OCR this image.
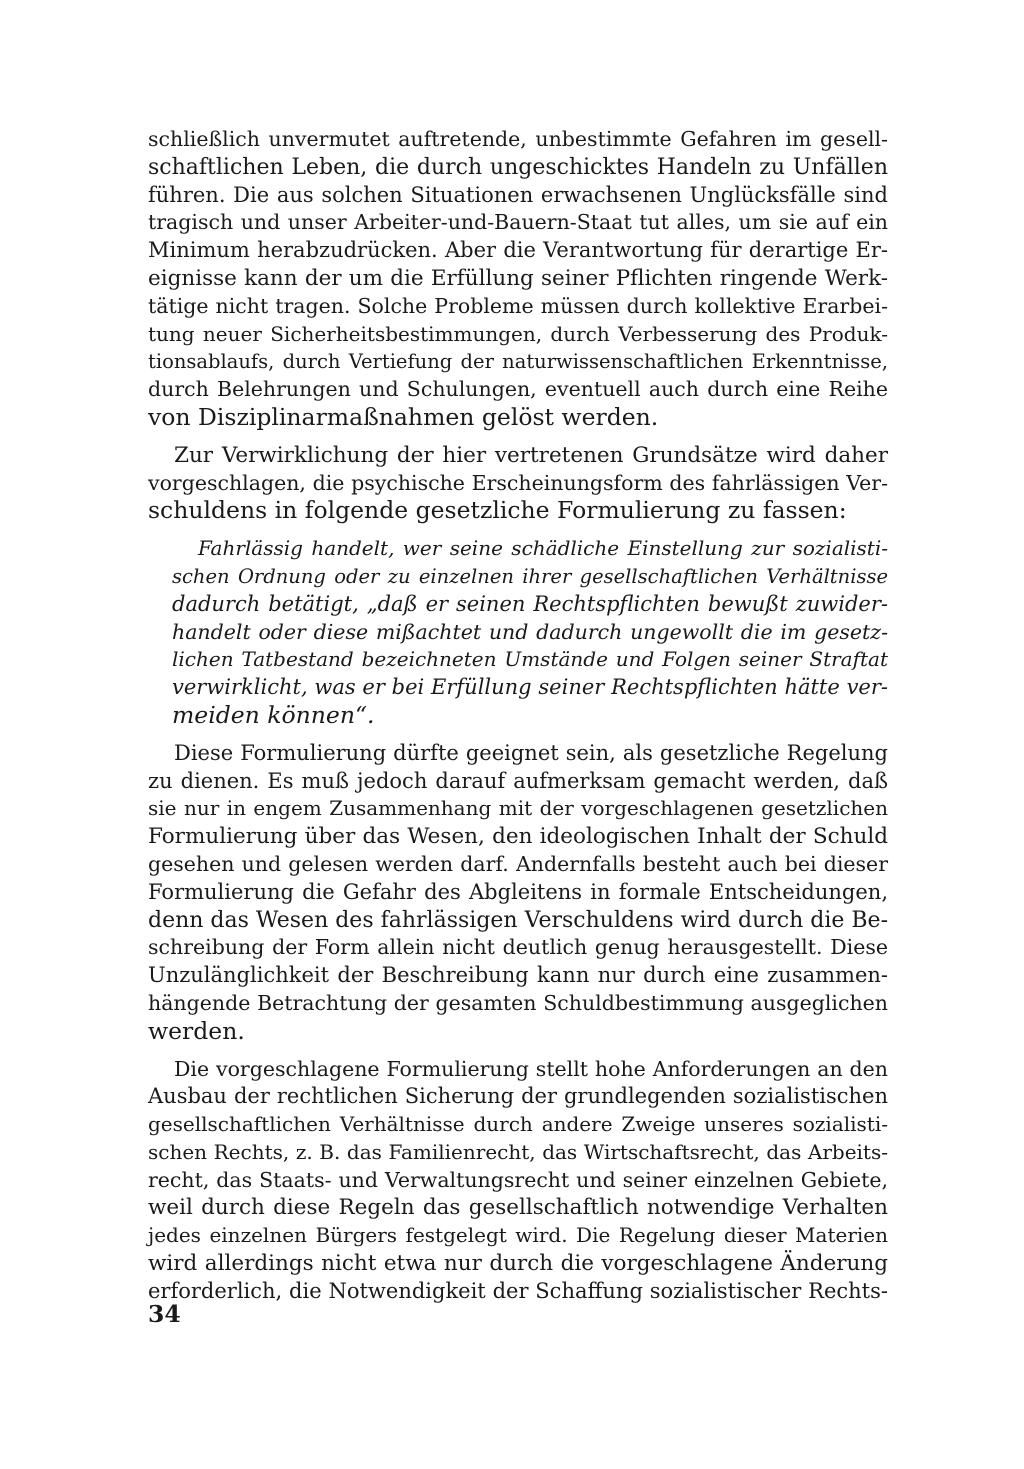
schließlich unvermutet auftretende, unbestimmte Gefahren im gesell-
schaftlichen Leben, die durch ungeschicktes Handeln zu Unfällen
führen. Die aus solchen Situationen erwachsenen Unglücksfälle sind
tragisch und unser Arbeiter-und-Bauern-Staat tut alles, um sie auf ein
Minimum herabzudrücken. Aber die Verantwortung für derartige Er-
eignisse kann der um die Erfüllung seiner Pflichten ringende Werk-
tätige nicht tragen. Solche Probleme müssen durch kollektive Erarbei-
tung neuer Sicherheitsbestimmungen, durch Verbesserung des Produk-
tionsablaufs, durch Vertiefung der naturwissenschaftlichen Erkenntnisse,
durch Belehrungen und Schulungen, eventuell auch durch eine Reihe
von Disziplinarmaßnahmen gelöst werden.
Zur Verwirklichung der hier vertretenen Grundsätze wird daher
vorgeschlagen, die psychische Erscheinungsform des fahrlässigen Ver-
schuldens in folgende gesetzliche Formulierung zu fassen:
Fahrlässig handelt, wer seine schädliche Einstellung zur sozialisti-
schen Ordnung oder zu einzelnen ihrer gesellschaftlichen Verhältnisse
dadurch betätigt, „daß er seinen Rechtspflichten bewußt zuwider-
handelt oder diese mißachtet und dadurch ungewollt die im gesetz-
lichen Tatbestand bezeichneten Umstände und Folgen seiner Straftat
verwirklicht, was er bei Erfüllung seiner Rechtspflichten hätte ver-
meiden können“.
Diese Formulierung dürfte geeignet sein, als gesetzliche Regelung
zu dienen. Es muß jedoch darauf aufmerksam gemacht werden, daß
sie nur in engem Zusammenhang mit der vorgeschlagenen gesetzlichen
Formulierung über das Wesen, den ideologischen Inhalt der Schuld
gesehen und gelesen werden darf. Andernfalls besteht auch bei dieser
Formulierung die Gefahr des Abgleitens in formale Entscheidungen,
denn das Wesen des fahrlässigen Verschuldens wird durch die Be-
schreibung der Form allein nicht deutlich genug herausgestellt. Diese
Unzulänglichkeit der Beschreibung kann nur durch eine zusammen-
hängende Betrachtung der gesamten Schuldbestimmung ausgeglichen
werden.
Die vorgeschlagene Formulierung stellt hohe Anforderungen an den
Ausbau der rechtlichen Sicherung der grundlegenden sozialistischen
gesellschaftlichen Verhältnisse durch andere Zweige unseres sozialisti-
schen Rechts, z. B. das Familienrecht, das Wirtschaftsrecht, das Arbeits-
recht, das Staats- und Verwaltungsrecht und seiner einzelnen Gebiete,
weil durch diese Regeln das gesellschaftlich notwendige Verhalten
jedes einzelnen Bürgers festgelegt wird. Die Regelung dieser Materien
wird allerdings nicht etwa nur durch die vorgeschlagene Änderung
erforderlich, die Notwendigkeit der Schaffung sozialistischer Rechts-
34
